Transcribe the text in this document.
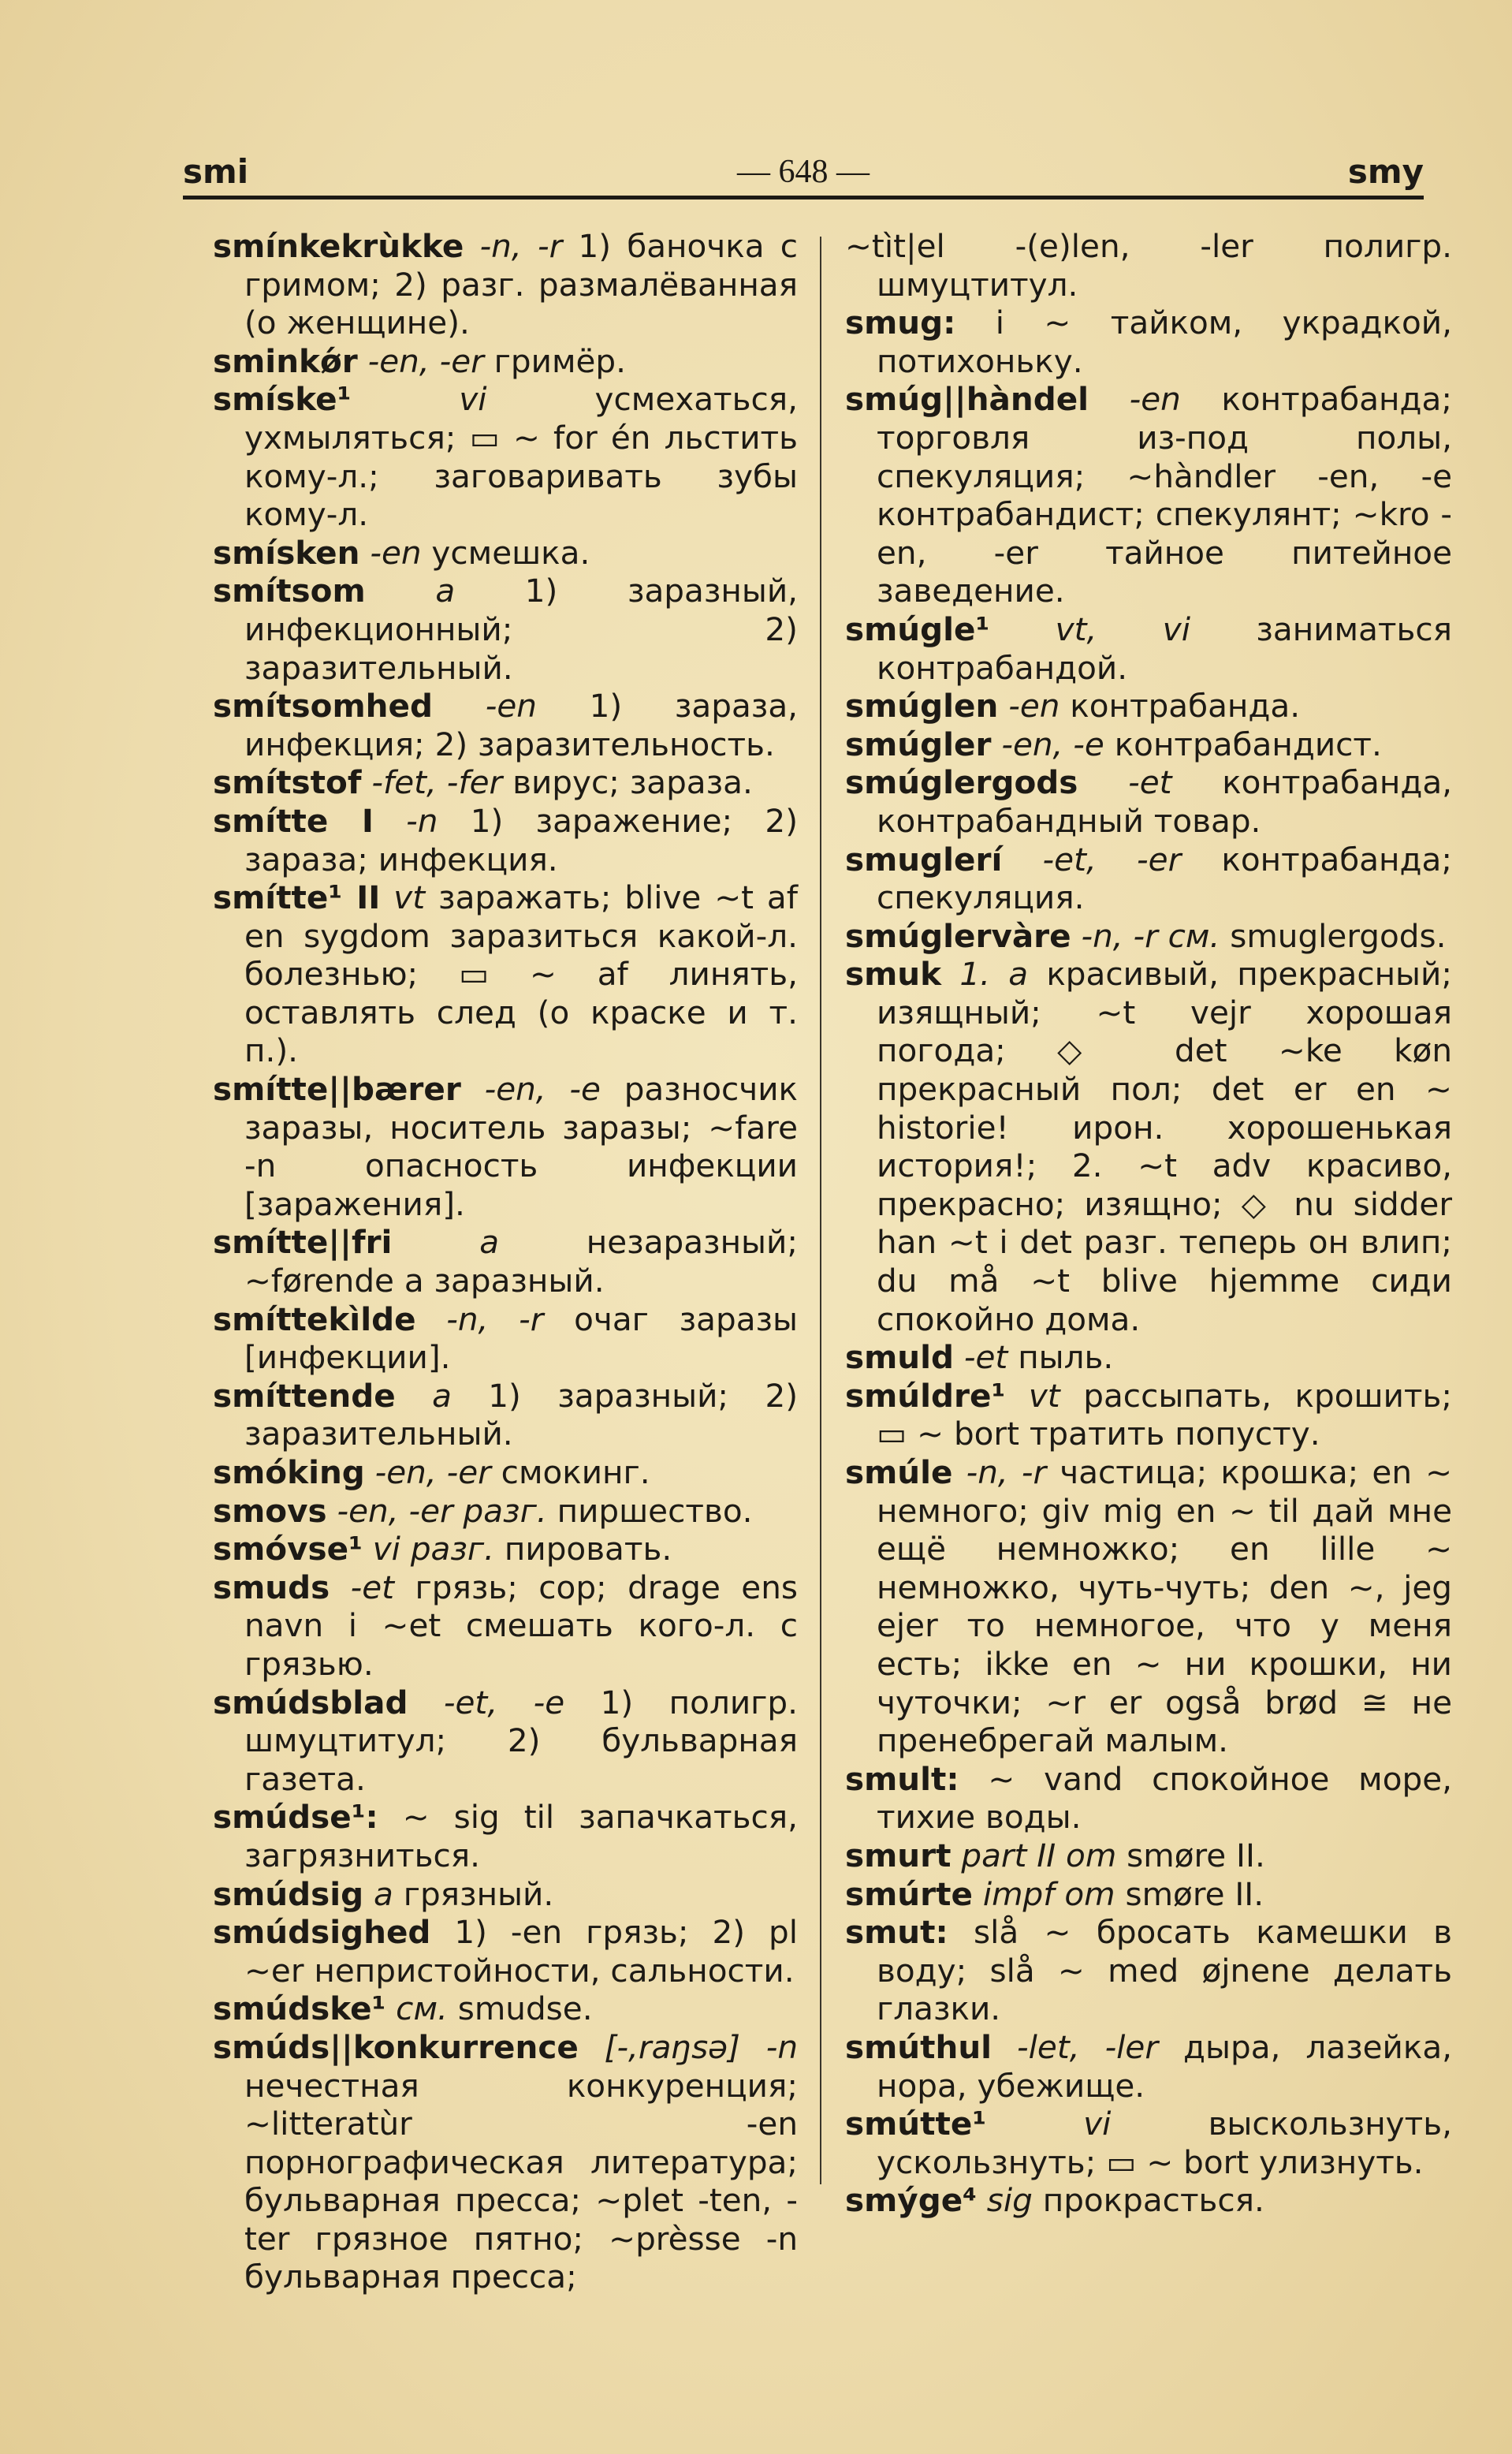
smi	— 648 —	smy

smínkekrùkke -n, -r 1) баночка с гримом; 2) разг. размалёванная (о женщине).

sminkǿr -en, -er гримёр.

smíske¹	vi	усмехаться, ухмыляться; ▭ ~ for én льстить кому-л.; заговаривать зубы кому-л.

smísken -en усмешка.

smítsom a 1) заразный, инфекционный; 2) заразительный.

smítsomhed -en 1) зараза, инфекция; 2) заразительность.

smítstof -fet, -fer вирус; зараза.

smítte I -n 1) заражение; 2) зараза; инфекция.

smítte¹ II vt заражать; blive ~t af en sygdom заразиться какой-л. болезнью; ▭ ~ af линять, оставлять след (о краске и т. п.).

smítte||bærer -en, -e разносчик заразы, носитель заразы; ~fare -n опасность инфекции [заражения].

smítte||fri	a	незаразный; ~førende a заразный.

smíttekìlde -n, -r очаг заразы [инфекции].

smíttende a 1) заразный; 2) заразительный.

smóking -en, -er смокинг.

smovs -en, -er разг. пиршество.

smóvse¹ vi разг. пировать.

smuds -et грязь; сор; drage ens navn i ~et смешать кого-л. с грязью.

smúdsblad -et, -e 1) полигр. шмуцтитул; 2) бульварная газета.

smúdse¹: ~ sig til запачкаться, загрязниться.

smúdsig a грязный.

smúdsighed 1) -en грязь; 2) pl ~er непристойности, сальности.

smúdske¹ см. smudse.

smúds||konkurrence [-,raŋsə] -n нечестная конкуренция; ~litteratùr -en порнографическая литература; бульварная пресса; ~plet -ten, -ter грязное пятно; ~prèsse -n бульварная пресса;

~tìt|el -(e)len, -ler полигр. шмуцтитул.

smug: i ~ тайком, украдкой, потихоньку.

smúg||hàndel -en контрабанда; торговля из-под полы, спекуляция; ~hàndler -en, -e контрабандист; спекулянт; ~kro -en, -er тайное питейное заведение.

smúgle¹ vt, vi заниматься контрабандой.

smúglen -en контрабанда.

smúgler -en, -e контрабандист.

smúglergods -et контрабанда, контрабандный товар.

smuglerí -et, -er контрабанда; спекуляция.

smúglervàre -n, -r см. smuglergods.

smuk 1. a красивый, прекрасный; изящный; ~t vejr хорошая погода; ◇ det ~ke køn прекрасный пол; det er en ~ historie! ирон. хорошенькая история!; 2. ~t adv красиво, прекрасно; изящно; ◇ nu sidder han ~t i det разг. теперь он влип; du må ~t blive hjemme сиди спокойно дома.

smuld -et пыль.

smúldre¹ vt рассыпать, крошить; ▭ ~ bort тратить попусту.

smúle -n, -r частица; крошка; en ~ немного; giv mig en ~ til дай мне ещё немножко; en lille ~ немножко, чуть-чуть; den ~, jeg ejer то немногое, что у меня есть; ikke en ~ ни крошки, ни чуточки; ~r er også brød ≅ не пренебрегай малым.

smult: ~ vand спокойное море, тихие воды.

smurt part II om smøre II.

smúrte impf om smøre II.

smut: slå ~ бросать камешки в воду; slå ~ med øjnene делать глазки.

smúthul -let, -ler дыра, лазейка, нора, убежище.

smútte¹	vi	выскользнуть, ускользнуть; ▭ ~ bort улизнуть.

smýge⁴ sig прокрасться.
